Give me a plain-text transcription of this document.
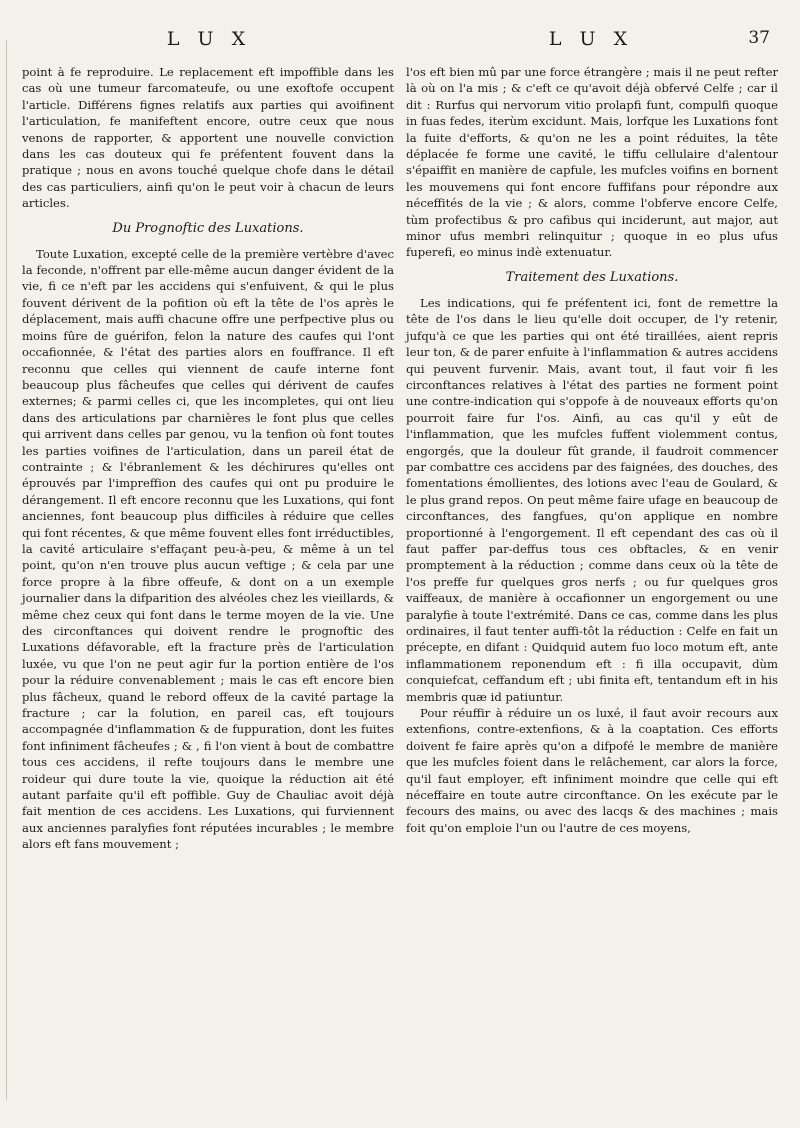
L U X	L U X	37

point à fe reproduire. Le replacement eft impoffible dans les cas où une tumeur farcomateufe, ou une exoftofe occupent l'article. Différens fignes relatifs aux parties qui avoifinent l'articulation, fe manifeftent encore, outre ceux que nous venons de rapporter, & apportent une nouvelle conviction dans les cas douteux qui fe préfentent fouvent dans la pratique ; nous en avons touché quelque chofe dans le détail des cas particuliers, ainfi qu'on le peut voir à chacun de leurs articles.

Du Prognoftic des Luxations.

Toute Luxation, excepté celle de la première vertèbre d'avec la feconde, n'offrent par elle-même aucun danger évident de la vie, fi ce n'eft par les accidens qui s'enfuivent, & qui le plus fouvent dérivent de la pofition où eft la tête de l'os après le déplacement, mais auffi chacune offre une perfpective plus ou moins fûre de guérifon, felon la nature des caufes qui l'ont occafionnée, & l'état des parties alors en fouffrance. Il eft reconnu que celles qui viennent de caufe interne font beaucoup plus fâcheufes que celles qui dérivent de caufes externes; & parmi celles ci, que les incompletes, qui ont lieu dans des articulations par charnières le font plus que celles qui arrivent dans celles par genou, vu la tenfion où font toutes les parties voifines de l'articulation, dans un pareil état de contrainte ; & l'ébranlement & les déchirures qu'elles ont éprouvés par l'impreffion des caufes qui ont pu produire le dérangement. Il eft encore reconnu que les Luxations, qui font anciennes, font beaucoup plus difficiles à réduire que celles qui font récentes, & que même fouvent elles font irréductibles, la cavité articulaire s'effaçant peu-à-peu, & même à un tel point, qu'on n'en trouve plus aucun veftige ; & cela par une force propre à la fibre offeufe, & dont on a un exemple journalier dans la difparition des alvéoles chez les vieillards, & même chez ceux qui font dans le terme moyen de la vie. Une des circonftances qui doivent rendre le prognoftic des Luxations défavorable, eft la fracture près de l'articulation luxée, vu que l'on ne peut agir fur la portion entière de l'os pour la réduire convenablement ; mais le cas eft encore bien plus fâcheux, quand le rebord offeux de la cavité partage la fracture ; car la folution, en pareil cas, eft toujours accompagnée d'inflammation & de fuppuration, dont les fuites font infiniment fâcheufes ; & , fi l'on vient à bout de combattre tous ces accidens, il refte toujours dans le membre une roideur qui dure toute la vie, quoique la réduction ait été autant parfaite qu'il eft poffible. Guy de Chauliac avoit déjà fait mention de ces accidens. Les Luxations, qui furviennent aux anciennes paralyfies font réputées incurables ; le membre alors eft fans mouvement ;

l'os eft bien mû par une force étrangère ; mais il ne peut refter là où on l'a mis ; & c'eft ce qu'avoit déjà obfervé Celfe ; car il dit : Rurfus qui nervorum vitio prolapfi funt, compulfi quoque in fuas fedes, iterùm excidunt. Mais, lorfque les Luxations font la fuite d'efforts, & qu'on ne les a point réduites, la tête déplacée fe forme une cavité, le tiffu cellulaire d'alentour s'épaiffit en manière de capfule, les mufcles voifins en bornent les mouvemens qui font encore fuffifans pour répondre aux néceffités de la vie ; & alors, comme l'obferve encore Celfe, tùm profectibus & pro cafibus qui inciderunt, aut major, aut minor ufus membri relinquitur ; quoque in eo plus ufus fuperefi, eo minus indè extenuatur.

Traitement des Luxations.

Les indications, qui fe préfentent ici, font de remettre la tête de l'os dans le lieu qu'elle doit occuper, de l'y retenir, jufqu'à ce que les parties qui ont été tiraillées, aient repris leur ton, & de parer enfuite à l'inflammation & autres accidens qui peuvent furvenir. Mais, avant tout, il faut voir fi les circonftances relatives à l'état des parties ne forment point une contre-indication qui s'oppofe à de nouveaux efforts qu'on pourroit faire fur l'os. Ainfi, au cas qu'il y eût de l'inflammation, que les mufcles fuffent violemment contus, engorgés, que la douleur fût grande, il faudroit commencer par combattre ces accidens par des faignées, des douches, des fomentations émollientes, des lotions avec l'eau de Goulard, & le plus grand repos. On peut même faire ufage en beaucoup de circonftances, des fangfues, qu'on applique en nombre proportionné à l'engorgement. Il eft cependant des cas où il faut paffer par-deffus tous ces obftacles, & en venir promptement à la réduction ; comme dans ceux où la tête de l'os preffe fur quelques gros nerfs ; ou fur quelques gros vaiffeaux, de manière à occafionner un engorgement ou une paralyfie à toute l'extrémité. Dans ce cas, comme dans les plus ordinaires, il faut tenter auffi-tôt la réduction : Celfe en fait un précepte, en difant : Quidquid autem fuo loco motum eft, ante inflammationem reponendum eft : fi illa occupavit, dùm conquiefcat, ceffandum eft ; ubi finita eft, tentandum eft in his membris quæ id patiuntur.

Pour réuffir à réduire un os luxé, il faut avoir recours aux extenfions, contre-extenfions, & à la coaptation. Ces efforts doivent fe faire après qu'on a difpofé le membre de manière que les mufcles foient dans le relâchement, car alors la force, qu'il faut employer, eft infiniment moindre que celle qui eft néceffaire en toute autre circonftance. On les exécute par le fecours des mains, ou avec des lacqs & des machines ; mais foit qu'on emploie l'un ou l'autre de ces moyens,
